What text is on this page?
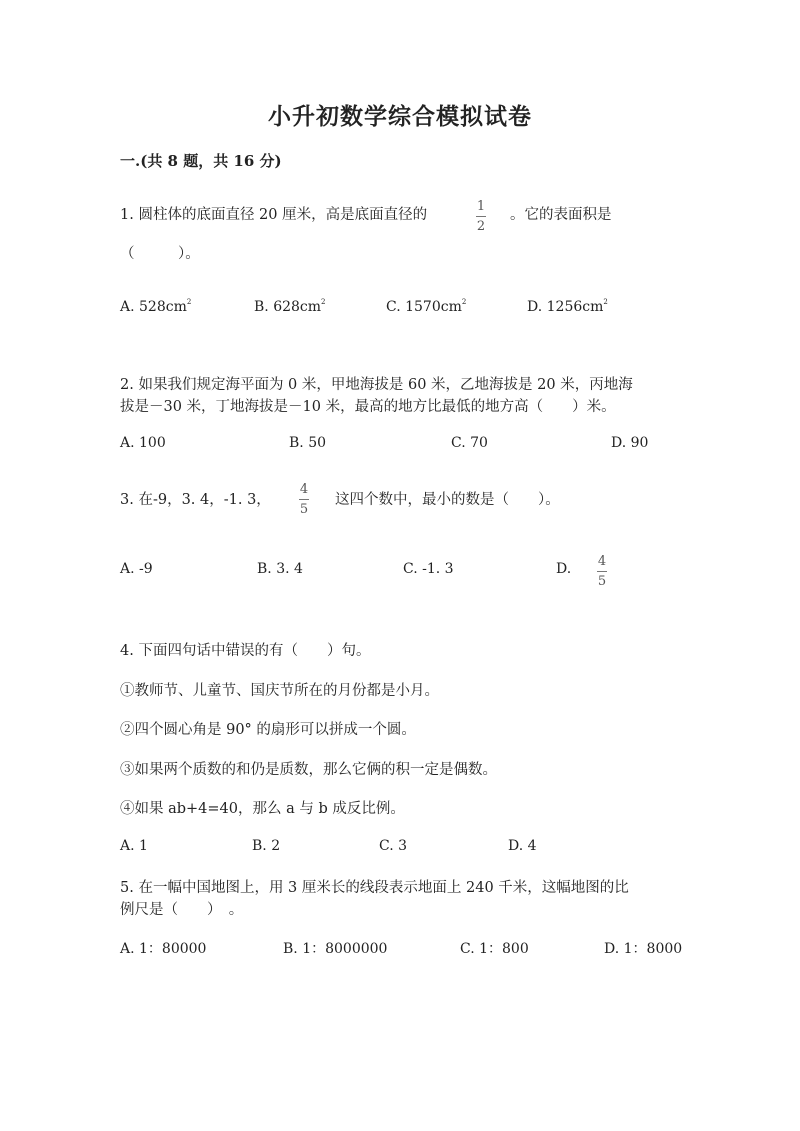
小升初数学综合模拟试卷
一.(共 8 题，共 16 分)
1. 圆柱体的底面直径 20 厘米，高是底面直径的
1
2
。它的表面积是
（　　　）。
A. $528cm^2$	B. $628cm^2$	C. $1570cm^2$	D. $1256cm^2$
2. 如果我们规定海平面为 0 米，甲地海拔是 60 米，乙地海拔是 20 米，丙地海
拔是－30 米，丁地海拔是－10 米，最高的地方比最低的地方高（　　）米。
A. 100	B. 50	C. 70	D. 90
3. 在-9，3. 4，-1. 3，
4
5
这四个数中，最小的数是（　　）。
A. -9	B. 3. 4	C. -1. 3	D. 4
5
4. 下面四句话中错误的有（　　）句。
①教师节、儿童节、国庆节所在的月份都是小月。
②四个圆心角是 90° 的扇形可以拼成一个圆。
③如果两个质数的和仍是质数，那么它俩的积一定是偶数。
④如果 ab+4=40，那么 a 与 b 成反比例。
A. 1	B. 2	C. 3	D. 4
5. 在一幅中国地图上，用 3 厘米长的线段表示地面上 240 千米，这幅地图的比
例尺是（　　）　。
A. 1：80000	B. 1：8000000	C. 1：800	D. 1：8000
